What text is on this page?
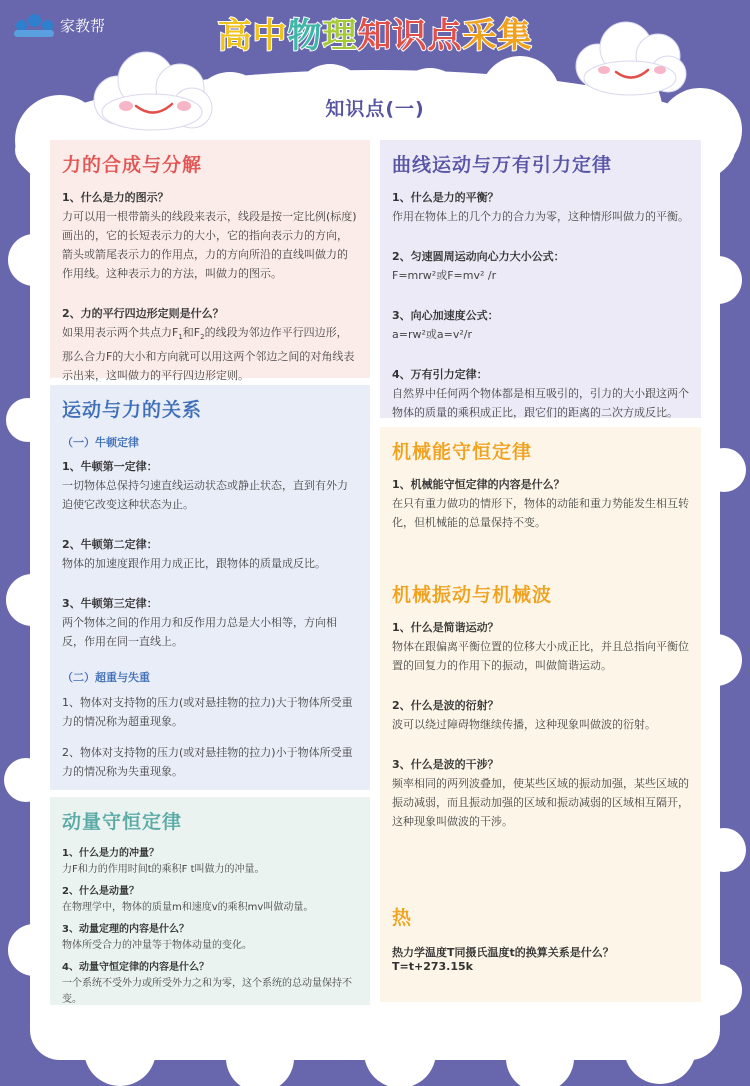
家教帮	高中物理知识点采集
知识点(一)
力的合成与分解
1、什么是力的图示？
力可以用一根带箭头的线段来表示，线段是按一定比例(标度)画出的，它的长短表示力的大小，它的指向表示力的方向，箭头或箭尾表示力的作用点，力的方向所沿的直线叫做力的作用线。这种表示力的方法，叫做力的图示。
2、力的平行四边形定则是什么？
如果用表示两个共点力$F_1$和$F_2$的线段为邻边作平行四边形，那么合力F的大小和方向就可以用这两个邻边之间的对角线表示出来，这叫做力的平行四边形定则。
曲线运动与万有引力定律
1、什么是力的平衡？
作用在物体上的几个力的合力为零，这种情形叫做力的平衡。
2、匀速圆周运动向心力大小公式：
F=mrw²或F=mv² /r
3、向心加速度公式：
a=rw²或a=v²/r
4、万有引力定律：
自然界中任何两个物体都是相互吸引的，引力的大小跟这两个物体的质量的乘积成正比，跟它们的距离的二次方成反比。
运动与力的关系
（一）牛顿定律
1、牛顿第一定律：
一切物体总保持匀速直线运动状态或静止状态，直到有外力迫使它改变这种状态为止。
2、牛顿第二定律：
物体的加速度跟作用力成正比，跟物体的质量成反比。
3、牛顿第三定律：
两个物体之间的作用力和反作用力总是大小相等，方向相反，作用在同一直线上。
（二）超重与失重
1、物体对支持物的压力(或对悬挂物的拉力)大于物体所受重力的情况称为超重现象。
2、物体对支持物的压力(或对悬挂物的拉力)小于物体所受重力的情况称为失重现象。
机械能守恒定律
1、机械能守恒定律的内容是什么？
在只有重力做功的情形下，物体的动能和重力势能发生相互转化，但机械能的总量保持不变。
机械振动与机械波
1、什么是简谐运动？
物体在跟偏离平衡位置的位移大小成正比，并且总指向平衡位置的回复力的作用下的振动，叫做简谐运动。
2、什么是波的衍射？
波可以绕过障碍物继续传播，这种现象叫做波的衍射。
3、什么是波的干涉？
频率相同的两列波叠加，使某些区域的振动加强，某些区域的振动减弱，而且振动加强的区域和振动减弱的区域相互隔开，这种现象叫做波的干涉。
热
热力学温度T同摄氏温度t的换算关系是什么？ T=t+273.15k
动量守恒定律
1、什么是力的冲量？
力F和力的作用时间t的乘积F t叫做力的冲量。
2、什么是动量？
在物理学中，物体的质量m和速度v的乘积mv叫做动量。
3、动量定理的内容是什么？
物体所受合力的冲量等于物体动量的变化。
4、动量守恒定律的内容是什么？
一个系统不受外力或所受外力之和为零，这个系统的总动量保持不变。
